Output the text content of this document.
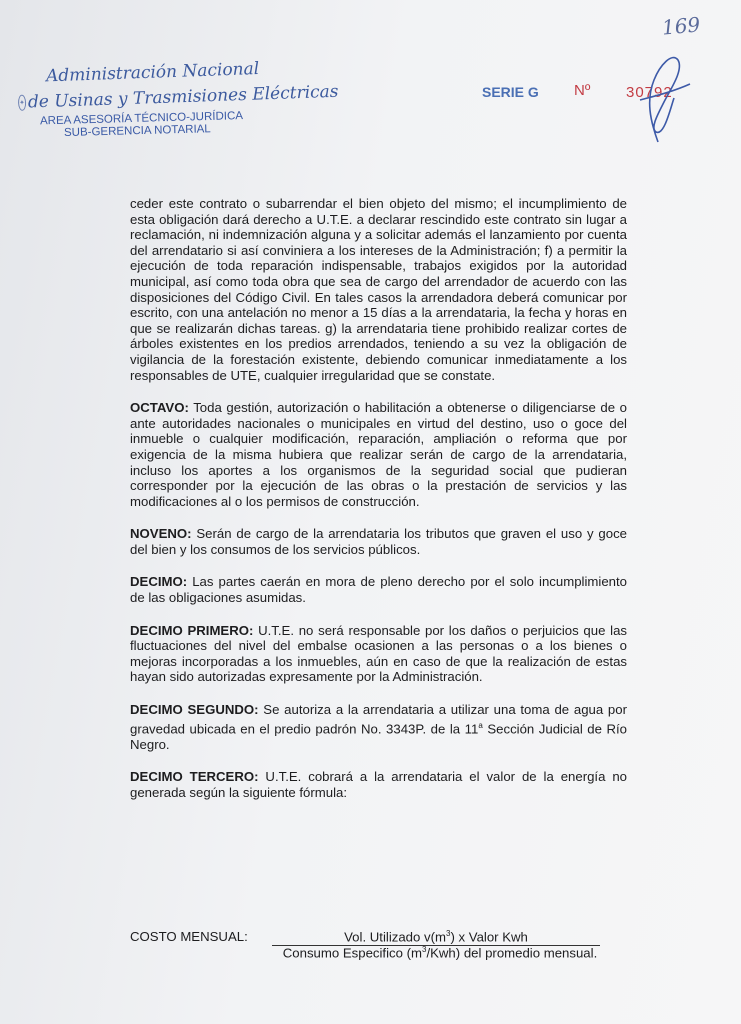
Administración Nacional
✦ de Usinas y Trasmisiones Eléctricas
AREA ASESORÍA TÉCNICO-JURÍDICA
SUB-GERENCIA NOTARIAL
169
SERIE G Nº 30792

ceder este contrato o subarrendar el bien objeto del mismo; el incumplimiento de esta obligación dará derecho a U.T.E. a declarar rescindido este contrato sin lugar a reclamación, ni indemnización alguna y a solicitar además el lanzamiento por cuenta del arrendatario si así conviniera a los intereses de la Administración; f) a permitir la ejecución de toda reparación indispensable, trabajos exigidos por la autoridad municipal, así como toda obra que sea de cargo del arrendador de acuerdo con las disposiciones del Código Civil. En tales casos la arrendadora deberá comunicar por escrito, con una antelación no menor a 15 días a la arrendataria, la fecha y horas en que se realizarán dichas tareas. g) la arrendataria tiene prohibido realizar cortes de árboles existentes en los predios arrendados, teniendo a su vez la obligación de vigilancia de la forestación existente, debiendo comunicar inmediatamente a los responsables de UTE, cualquier irregularidad que se constate.

OCTAVO: Toda gestión, autorización o habilitación a obtenerse o diligenciarse de o ante autoridades nacionales o municipales en virtud del destino, uso o goce del inmueble o cualquier modificación, reparación, ampliación o reforma que por exigencia de la misma hubiera que realizar serán de cargo de la arrendataria, incluso los aportes a los organismos de la seguridad social que pudieran corresponder por la ejecución de las obras o la prestación de servicios y las modificaciones al o los permisos de construcción.

NOVENO: Serán de cargo de la arrendataria los tributos que graven el uso y goce del bien y los consumos de los servicios públicos.

DECIMO: Las partes caerán en mora de pleno derecho por el solo incumplimiento de las obligaciones asumidas.

DECIMO PRIMERO: U.T.E. no será responsable por los daños o perjuicios que las fluctuaciones del nivel del embalse ocasionen a las personas o a los bienes o mejoras incorporadas a los inmuebles, aún en caso de que la realización de estas hayan sido autorizadas expresamente por la Administración.

DECIMO SEGUNDO: Se autoriza a la arrendataria a utilizar una toma de agua por gravedad ubicada en el predio padrón No. 3343P. de la 11$^a$ Sección Judicial de Río Negro.

DECIMO TERCERO: U.T.E. cobrará a la arrendataria el valor de la energía no generada según la siguiente fórmula:

COSTO MENSUAL:	Vol. Utilizado $v(m^3)$ x Valor Kwh
Consumo Especifico $(m^3/Kwh)$ del promedio mensual.
